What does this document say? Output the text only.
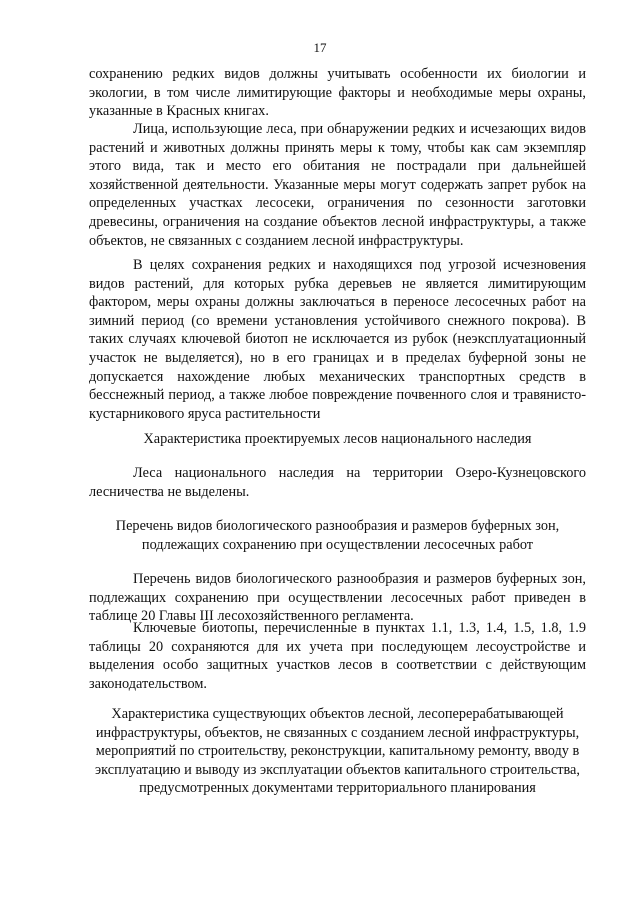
17

сохранению редких видов должны учитывать особенности их биологии и экологии, в том числе лимитирующие факторы и необходимые меры охраны, указанные в Красных книгах.

Лица, использующие леса, при обнаружении редких и исчезающих видов растений и животных должны принять меры к тому, чтобы как сам экземпляр этого вида, так и место его обитания не пострадали при дальнейшей хозяйственной деятельности. Указанные меры могут содержать запрет рубок на определенных участках лесосеки, ограничения по сезонности заготовки древесины, ограничения на создание объектов лесной инфраструктуры, а также объектов, не связанных с созданием лесной инфраструктуры.

В целях сохранения редких и находящихся под угрозой исчезновения видов растений, для которых рубка деревьев не является лимитирующим фактором, меры охраны должны заключаться в переносе лесосечных работ на зимний период (со времени установления устойчивого снежного покрова). В таких случаях ключевой биотоп не исключается из рубок (неэксплуатационный участок не выделяется), но в его границах и в пределах буферной зоны не допускается нахождение любых механических транспортных средств в бесснежный период, а также любое повреждение почвенного слоя и травянисто-кустарникового яруса растительности

Характеристика проектируемых лесов национального наследия

Леса национального наследия на территории Озеро-Кузнецовского лесничества не выделены.

Перечень видов биологического разнообразия и размеров буферных зон, подлежащих сохранению при осуществлении лесосечных работ

Перечень видов биологического разнообразия и размеров буферных зон, подлежащих сохранению при осуществлении лесосечных работ приведен в таблице 20 Главы III лесохозяйственного регламента.

Ключевые биотопы, перечисленные в пунктах 1.1, 1.3, 1.4, 1.5, 1.8, 1.9 таблицы 20 сохраняются для их учета при последующем лесоустройстве и выделения особо защитных участков лесов в соответствии с действующим законодательством.

Характеристика существующих объектов лесной, лесоперерабатывающей инфраструктуры, объектов, не связанных с созданием лесной инфраструктуры, мероприятий по строительству, реконструкции, капитальному ремонту, вводу в эксплуатацию и выводу из эксплуатации объектов капитального строительства, предусмотренных документами территориального планирования
